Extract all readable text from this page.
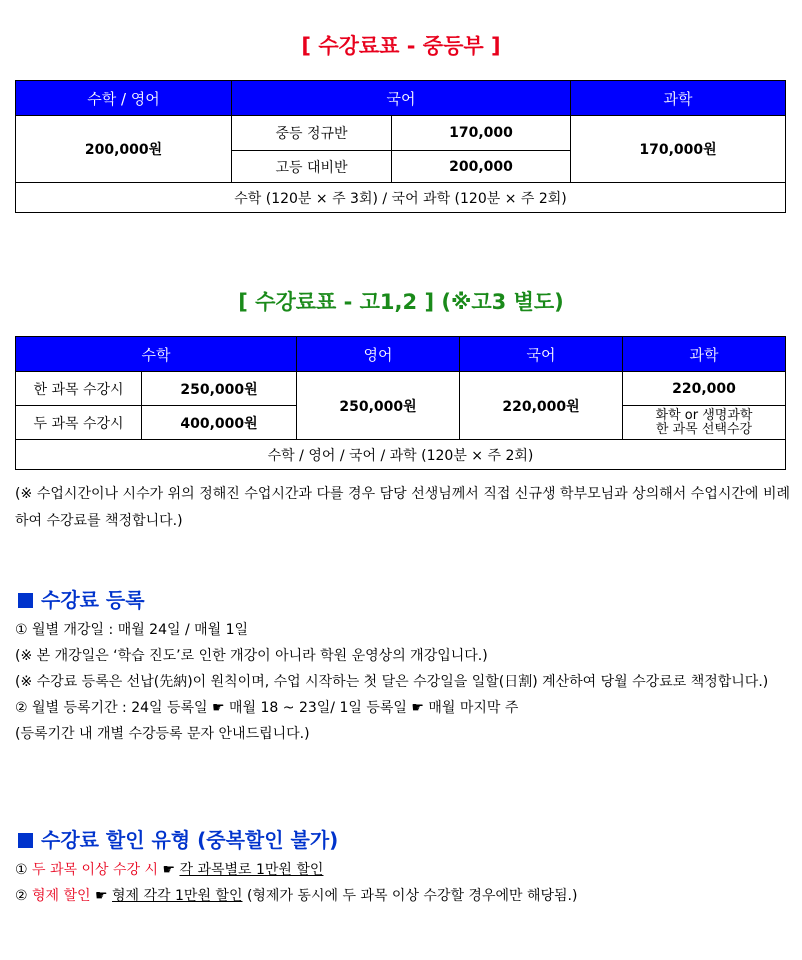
[ 수강료표 - 중등부 ]
수학 / 영어	국어		과학
200,000원	중등 정규반	170,000	170,000원
	고등 대비반	200,000	
수학 (120분 × 주 3회) / 국어 과학 (120분 × 주 2회)			
[ 수강료표 - 고1,2 ] (※고3 별도)
수학		영어	국어	과학
한 과목 수강시	250,000원	250,000원	220,000원	220,000
두 과목 수강시	400,000원			화학 or 생명과학
한 과목 선택수강

수학 / 영어 / 국어 / 과학 (120분 × 주 2회)				
(※ 수업시간이나 시수가 위의 정해진 수업시간과 다를 경우 담당 선생님께서 직접 신규생 학부모님과 상의해서 수업시간에 비례하여 수강료를 책정합니다.)
수강료 등록
① 월별 개강일 : 매월 24일 / 매월 1일
(※ 본 개강일은 ‘학습 진도’로 인한 개강이 아니라 학원 운영상의 개강입니다.)
(※ 수강료 등록은 선납(先納)이 원칙이며, 수업 시작하는 첫 달은 수강일을 일할(日割) 계산하여 당월 수강료로 책정합니다.)
② 월별 등록기간 : 24일 등록일 ☛ 매월 18 ~ 23일/ 1일 등록일 ☛ 매월 마지막 주
(등록기간 내 개별 수강등록 문자 안내드립니다.)
수강료 할인 유형 (중복할인 불가)
① 두 과목 이상 수강 시 ☛ 각 과목별로 1만원 할인
② 형제 할인 ☛ 형제 각각 1만원 할인 (형제가 동시에 두 과목 이상 수강할 경우에만 해당됨.)
